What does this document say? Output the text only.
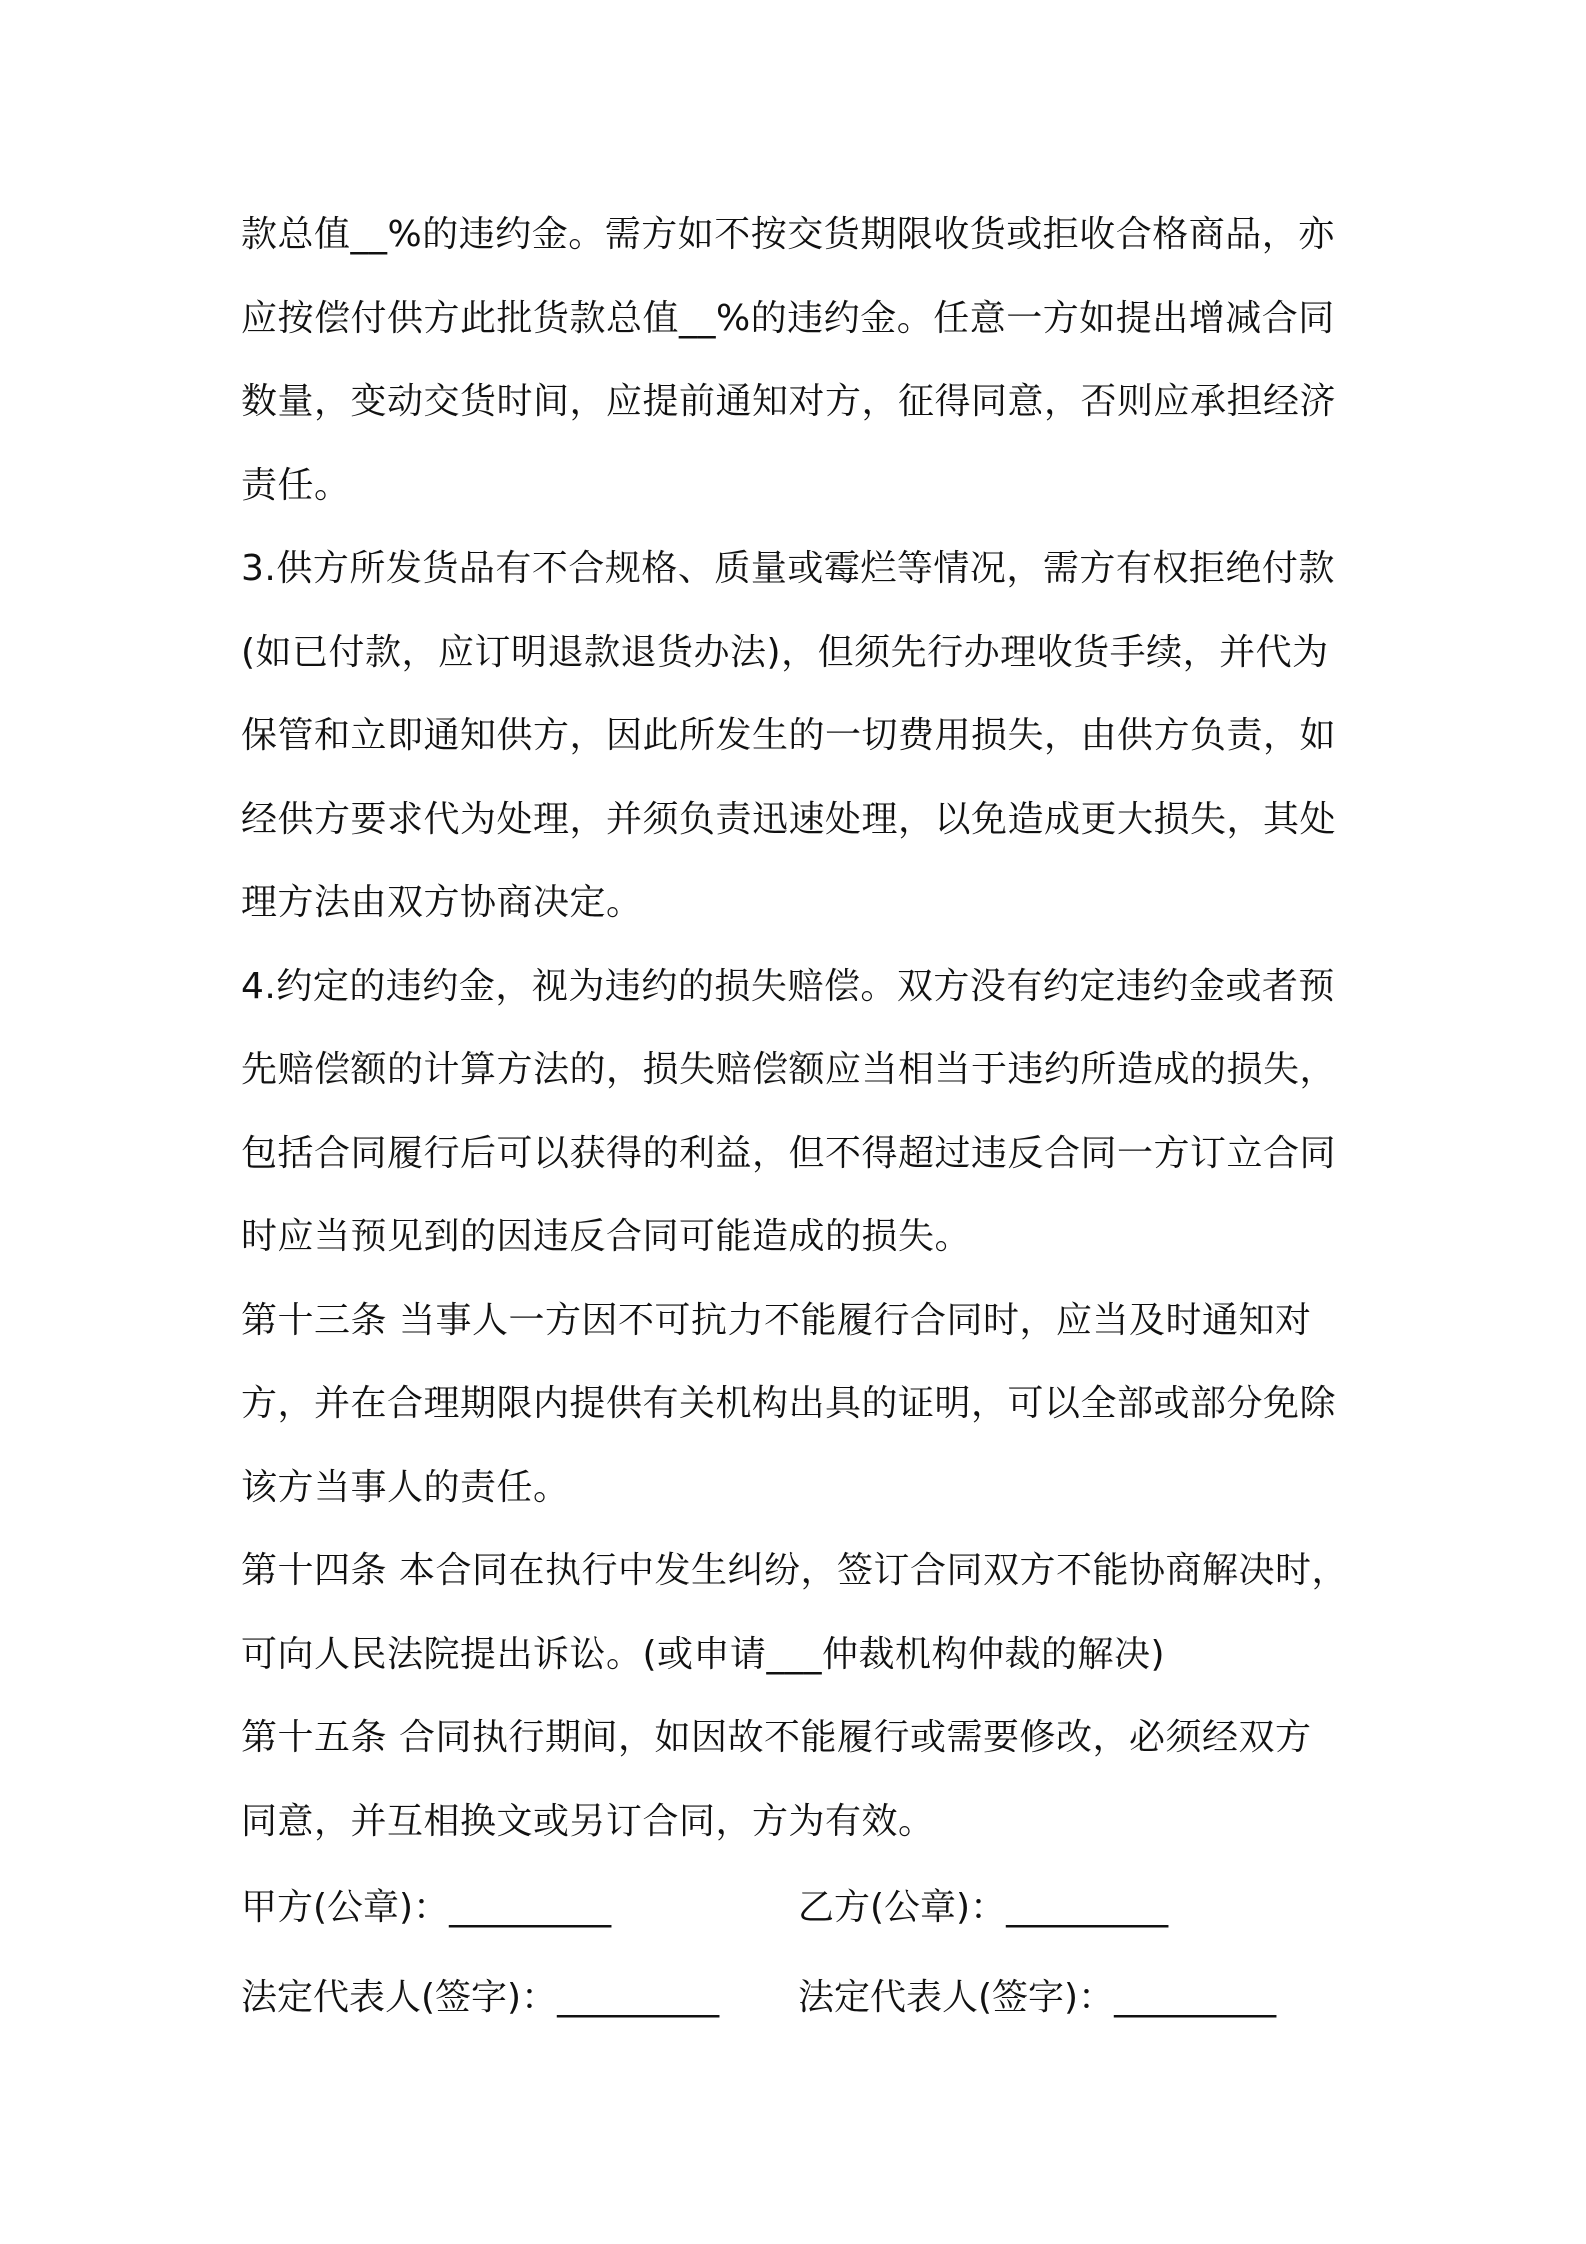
款总值__%的违约金。需方如不按交货期限收货或拒收合格商品，亦
应按偿付供方此批货款总值__%的违约金。任意一方如提出增减合同
数量，变动交货时间，应提前通知对方，征得同意，否则应承担经济
责任。
3.供方所发货品有不合规格、质量或霉烂等情况，需方有权拒绝付款
(如已付款，应订明退款退货办法)，但须先行办理收货手续，并代为
保管和立即通知供方，因此所发生的一切费用损失，由供方负责，如
经供方要求代为处理，并须负责迅速处理，以免造成更大损失，其处
理方法由双方协商决定。
4.约定的违约金，视为违约的损失赔偿。双方没有约定违约金或者预
先赔偿额的计算方法的，损失赔偿额应当相当于违约所造成的损失，
包括合同履行后可以获得的利益，但不得超过违反合同一方订立合同
时应当预见到的因违反合同可能造成的损失。
第十三条 当事人一方因不可抗力不能履行合同时，应当及时通知对
方，并在合理期限内提供有关机构出具的证明，可以全部或部分免除
该方当事人的责任。
第十四条 本合同在执行中发生纠纷，签订合同双方不能协商解决时，
可向人民法院提出诉讼。(或申请___仲裁机构仲裁的解决)
第十五条 合同执行期间，如因故不能履行或需要修改，必须经双方
同意，并互相换文或另订合同，方为有效。
甲方(公章)：_________	乙方(公章)：_________
法定代表人(签字)：_________ 法定代表人(签字)：_________
